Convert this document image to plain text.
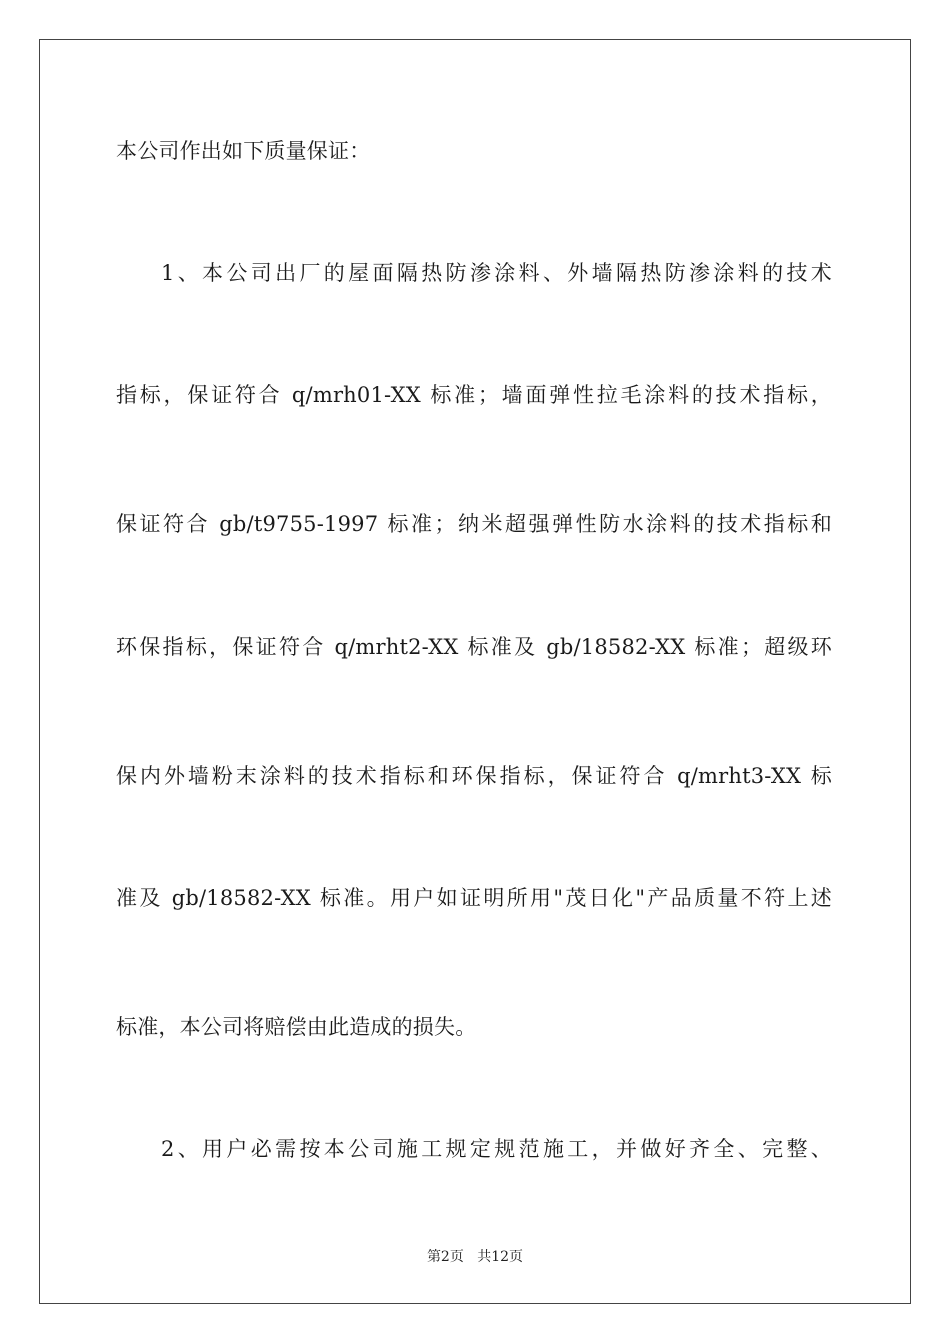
本公司作出如下质量保证：
1、本公司出厂的屋面隔热防渗涂料、外墙隔热防渗涂料的技术
指标，保证符合 q/mrh01-XX 标准；墙面弹性拉毛涂料的技术指标，
保证符合 gb/t9755-1997 标准；纳米超强弹性防水涂料的技术指标和
环保指标，保证符合 q/mrht2-XX 标准及 gb/18582-XX 标准；超级环
保内外墙粉末涂料的技术指标和环保指标，保证符合 q/mrht3-XX 标
准及 gb/18582-XX 标准。用户如证明所用"茂日化"产品质量不符上述
标准，本公司将赔偿由此造成的损失。
2、用户必需按本公司施工规定规范施工，并做好齐全、完整、
第2页 共12页
